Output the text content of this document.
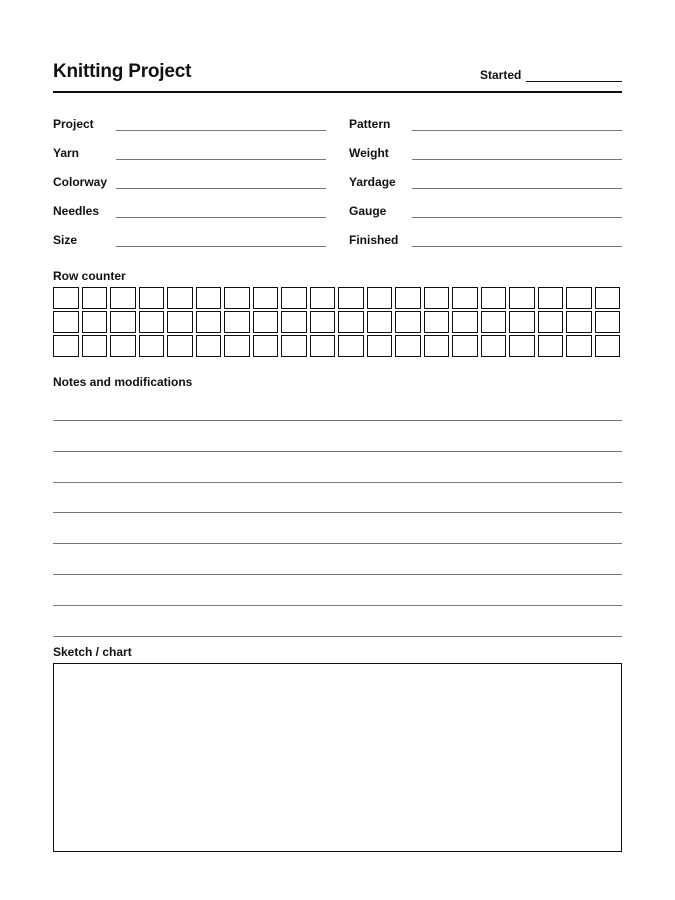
Knitting Project	Started
Project
Yarn
Colorway
Needles
Size
Pattern
Weight
Yardage
Gauge
Finished
Row counter
Notes and modifications
Sketch / chart
